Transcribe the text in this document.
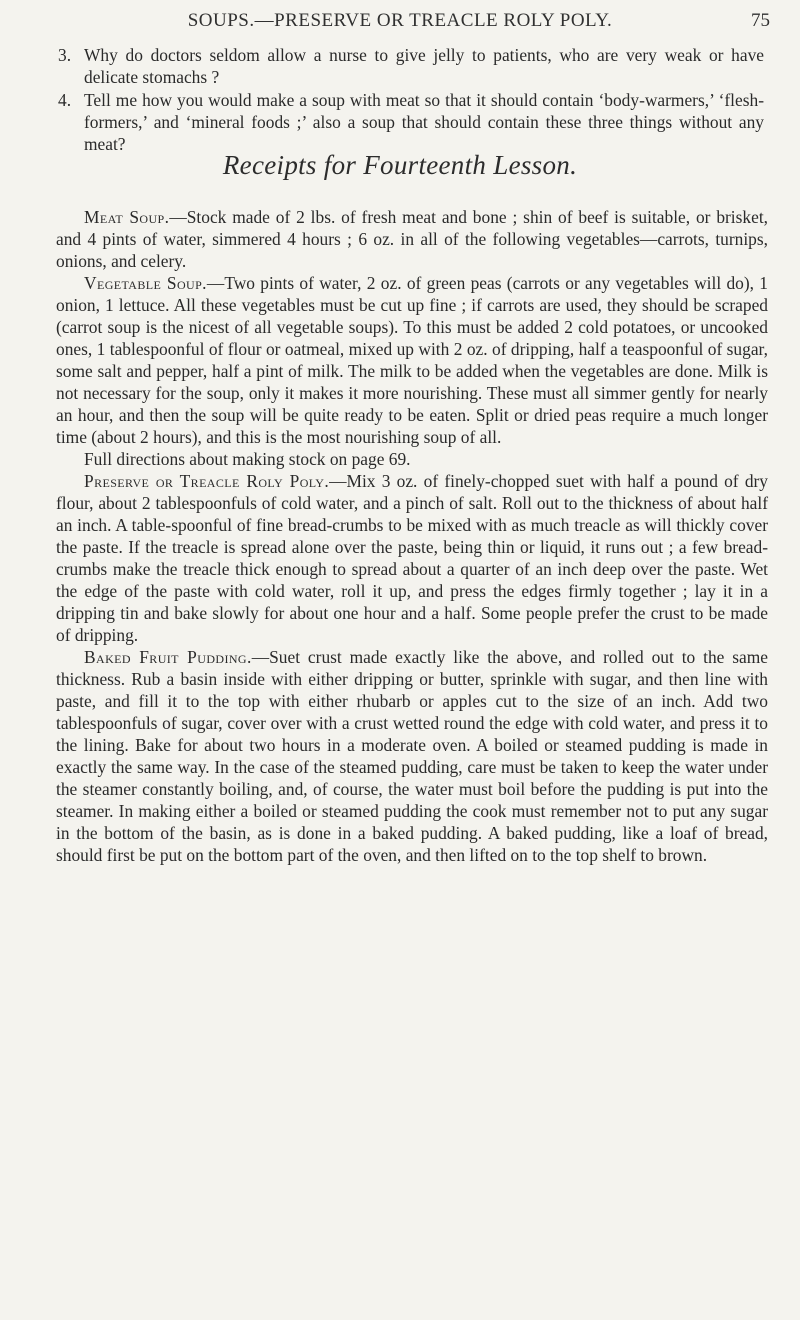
SOUPS.—PRESERVE OR TREACLE ROLY POLY.	75
3. Why do doctors seldom allow a nurse to give jelly to patients, who are very weak or have delicate stomachs ?
4. Tell me how you would make a soup with meat so that it should contain ‘body-warmers,’ ‘flesh-formers,’ and ‘mineral foods ;’ also a soup that should contain these three things without any meat?
Receipts for Fourteenth Lesson.

Meat Soup.—Stock made of 2 lbs. of fresh meat and bone ; shin of beef is suitable, or brisket, and 4 pints of water, simmered 4 hours ; 6 oz. in all of the following vegetables—carrots, turnips, onions, and celery.

Vegetable Soup.—Two pints of water, 2 oz. of green peas (carrots or any vegetables will do), 1 onion, 1 lettuce. All these vegetables must be cut up fine ; if carrots are used, they should be scraped (carrot soup is the nicest of all vegetable soups). To this must be added 2 cold potatoes, or uncooked ones, 1 tablespoonful of flour or oatmeal, mixed up with 2 oz. of dripping, half a teaspoonful of sugar, some salt and pepper, half a pint of milk. The milk to be added when the vegetables are done. Milk is not necessary for the soup, only it makes it more nourishing. These must all simmer gently for nearly an hour, and then the soup will be quite ready to be eaten. Split or dried peas require a much longer time (about 2 hours), and this is the most nourishing soup of all.

Full directions about making stock on page 69.

Preserve or Treacle Roly Poly.—Mix 3 oz. of finely-chopped suet with half a pound of dry flour, about 2 tablespoonfuls of cold water, and a pinch of salt. Roll out to the thickness of about half an inch. A table-spoonful of fine bread-crumbs to be mixed with as much treacle as will thickly cover the paste. If the treacle is spread alone over the paste, being thin or liquid, it runs out ; a few bread-crumbs make the treacle thick enough to spread about a quarter of an inch deep over the paste. Wet the edge of the paste with cold water, roll it up, and press the edges firmly together ; lay it in a dripping tin and bake slowly for about one hour and a half. Some people prefer the crust to be made of dripping.

Baked Fruit Pudding.—Suet crust made exactly like the above, and rolled out to the same thickness. Rub a basin inside with either dripping or butter, sprinkle with sugar, and then line with paste, and fill it to the top with either rhubarb or apples cut to the size of an inch. Add two tablespoonfuls of sugar, cover over with a crust wetted round the edge with cold water, and press it to the lining. Bake for about two hours in a moderate oven. A boiled or steamed pudding is made in exactly the same way. In the case of the steamed pudding, care must be taken to keep the water under the steamer constantly boiling, and, of course, the water must boil before the pudding is put into the steamer. In making either a boiled or steamed pudding the cook must remember not to put any sugar in the bottom of the basin, as is done in a baked pudding. A baked pudding, like a loaf of bread, should first be put on the bottom part of the oven, and then lifted on to the top shelf to brown.
